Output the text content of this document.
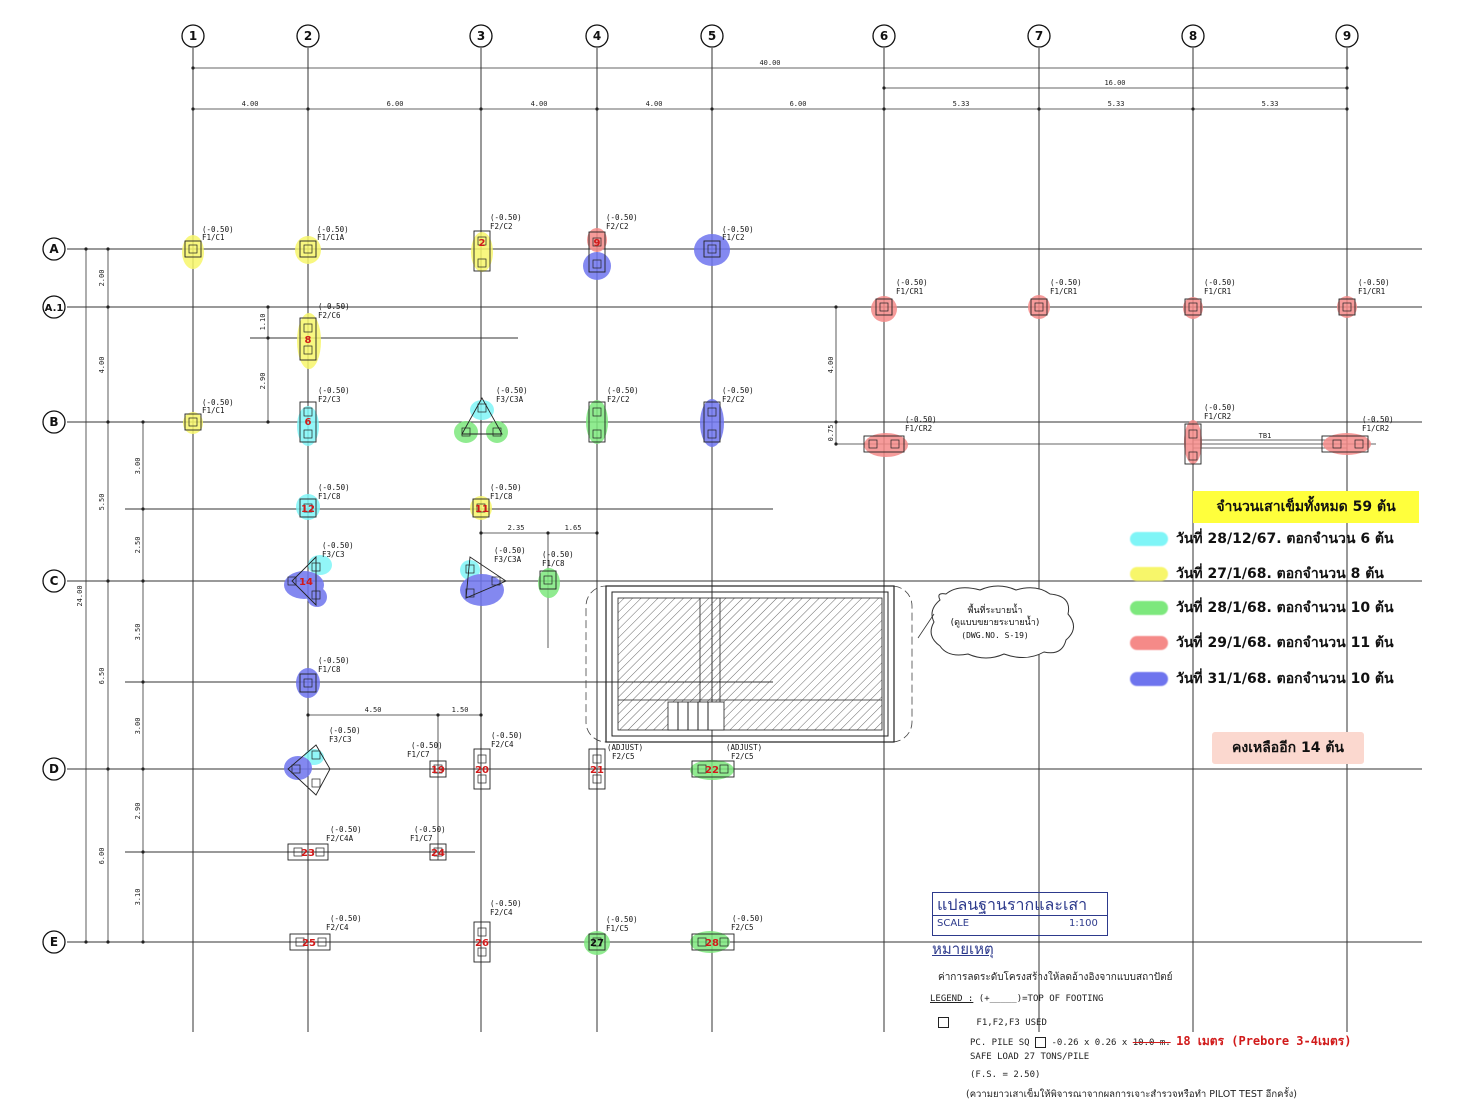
1	2	3	4	5	6	7	8	9
A
A.1
B
C
D
E
40.00
16.00
4.00	6.00	4.00	4.00	6.00	5.33	5.33	5.33
24.00
2.00
4.00
5.50
6.50
6.00
3.00
2.50
3.50
3.00
2.90
3.10
1.10
2.90
4.00
0.75	TB1
2.35	1.65
4.50	1.50
พื้นที่ระบายน้ำ
(ดูแบบขยายระบายน้ำ)
(DWG.NO. S-19)
2	9
8
6
12	11
14
19	20	21	22
23	24
25	26	27	28
(-0.50)
F1/C1
(-0.50)
F1/C1A
(-0.50)
F2/C2
(-0.50)
F2/C2	(-0.50)
F1/C2
(-0.50)
F2/C6
(-0.50)
F1/CR1
(-0.50)
F1/CR1
(-0.50)
F1/CR1
(-0.50)
F1/CR1
(-0.50)
F1/C1
(-0.50)
F2/C3
(-0.50)
F3/C3A
(-0.50)
F2/C2
(-0.50)
F2/C2
(-0.50)
F1/CR2
(-0.50)
F1/CR2	(-0.50)
F1/CR2
(-0.50)
F1/C8
(-0.50)
F1/C8
(-0.50)
F3/C3	(-0.50)
F3/C3A
(-0.50)
F1/C8
(-0.50)
F1/C8
(-0.50)
F3/C3
(-0.50)
F1/C7
(-0.50)
F2/C4	(ADJUST)
F2/C5
(ADJUST)
F2/C5
(-0.50)
F2/C4A
(-0.50)
F1/C7
(-0.50)
F2/C4
(-0.50)
F2/C4
(-0.50)
F1/C5
(-0.50)
F2/C5
จำนวนเสาเข็มทั้งหมด 59 ต้น
วันที่ 28/12/67. ตอกจำนวน 6 ต้น
วันที่ 27/1/68. ตอกจำนวน 8 ต้น
วันที่ 28/1/68. ตอกจำนวน 10 ต้น
วันที่ 29/1/68. ตอกจำนวน 11 ต้น
วันที่ 31/1/68. ตอกจำนวน 10 ต้น
คงเหลืออีก 14 ต้น
แปลนฐานรากและเสา
SCALE	1:100
หมายเหตุ
ค่าการลดระดับโครงสร้างให้ลดอ้างอิงจากแบบสถาปัตย์
LEGEND : (+_____)=TOP OF FOOTING
F1,F2,F3 USED
PC. PILE SQ -0.26 x 0.26 x 10.0 m. 18 เมตร (Prebore 3-4เมตร)
SAFE LOAD 27 TONS/PILE
(F.S. = 2.50)
(ความยาวเสาเข็มให้พิจารณาจากผลการเจาะสำรวจหรือทำ PILOT TEST อีกครั้ง)
